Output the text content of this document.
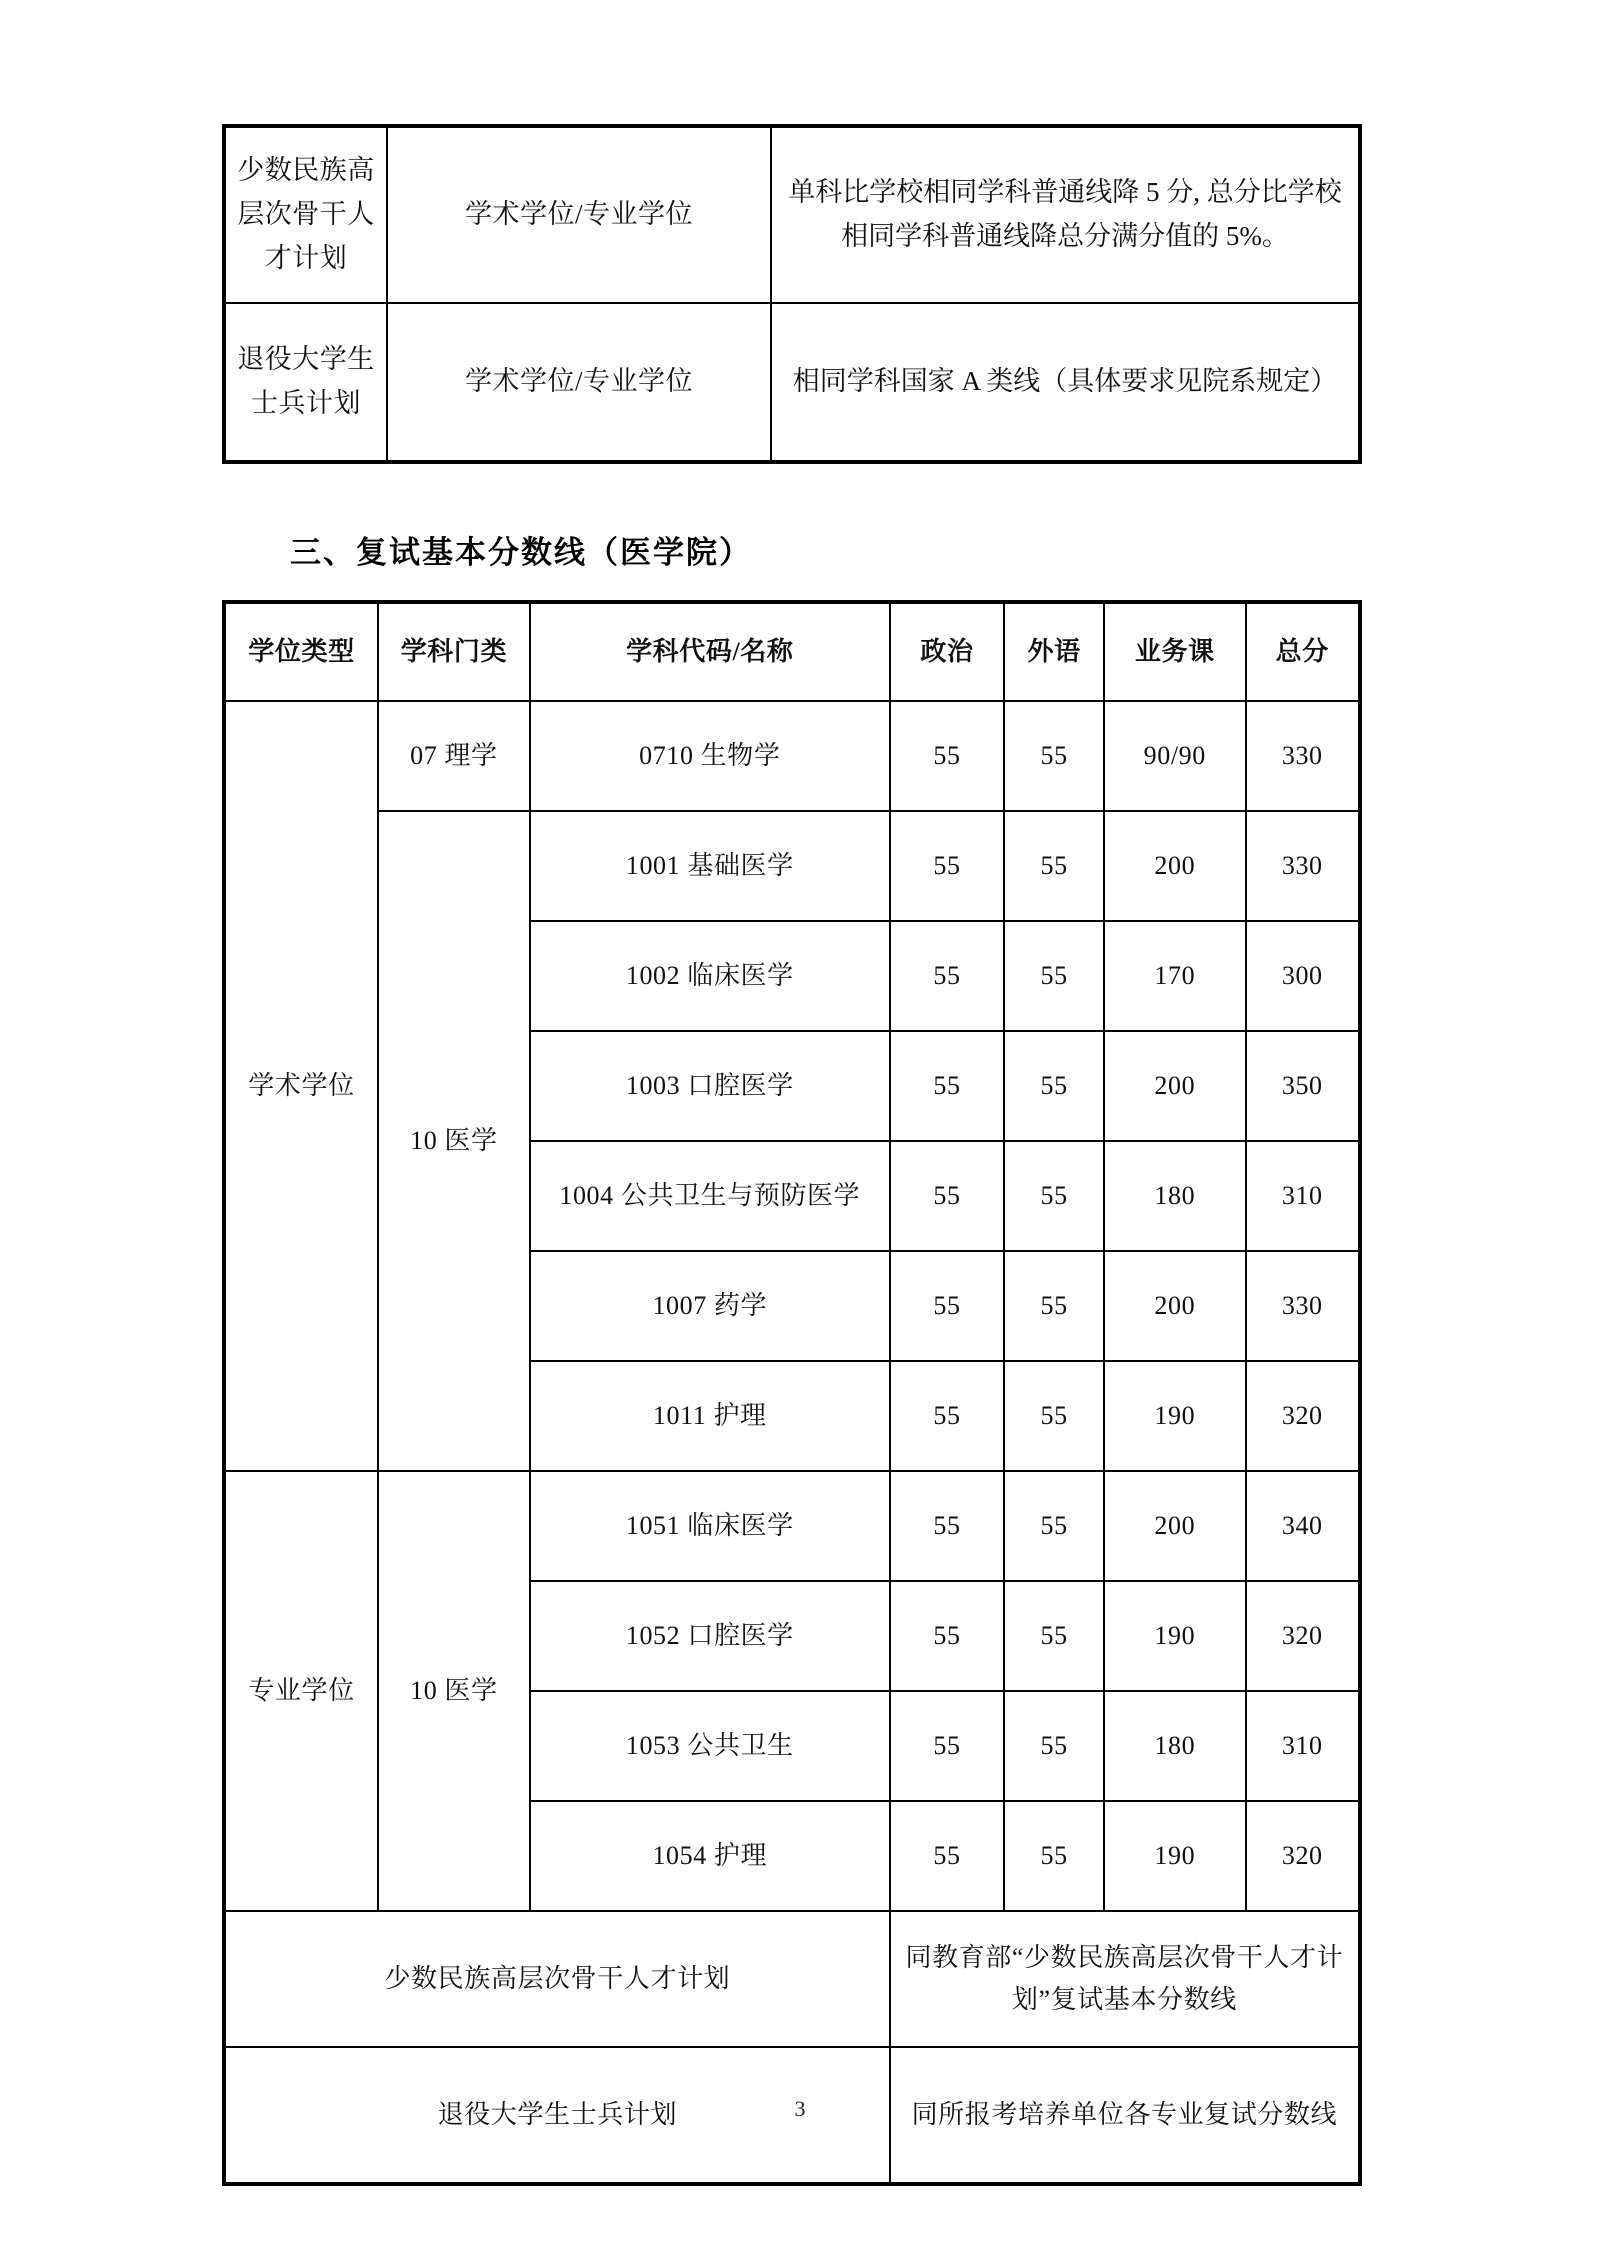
少数民族高层次骨干人才计划	学术学位/专业学位	单科比学校相同学科普通线降 5 分, 总分比学校相同学科普通线降总分满分值的 5%。
退役大学生士兵计划	学术学位/专业学位	相同学科国家 A 类线（具体要求见院系规定）
三、复试基本分数线（医学院）
学位类型	学科门类	学科代码/名称	政治	外语	业务课	总分
学术学位	07 理学	0710 生物学	55	55	90/90	330
	10 医学	1001 基础医学	55	55	200	330
		1002 临床医学	55	55	170	300
		1003 口腔医学	55	55	200	350
		1004 公共卫生与预防医学	55	55	180	310
		1007 药学	55	55	200	330
		1011 护理	55	55	190	320
专业学位	10 医学	1051 临床医学	55	55	200	340
		1052 口腔医学	55	55	190	320
		1053 公共卫生	55	55	180	310
		1054 护理	55	55	190	320
少数民族高层次骨干人才计划			同教育部“少数民族高层次骨干人才计划”复试基本分数线			
退役大学生士兵计划			同所报考培养单位各专业复试分数线			
3
